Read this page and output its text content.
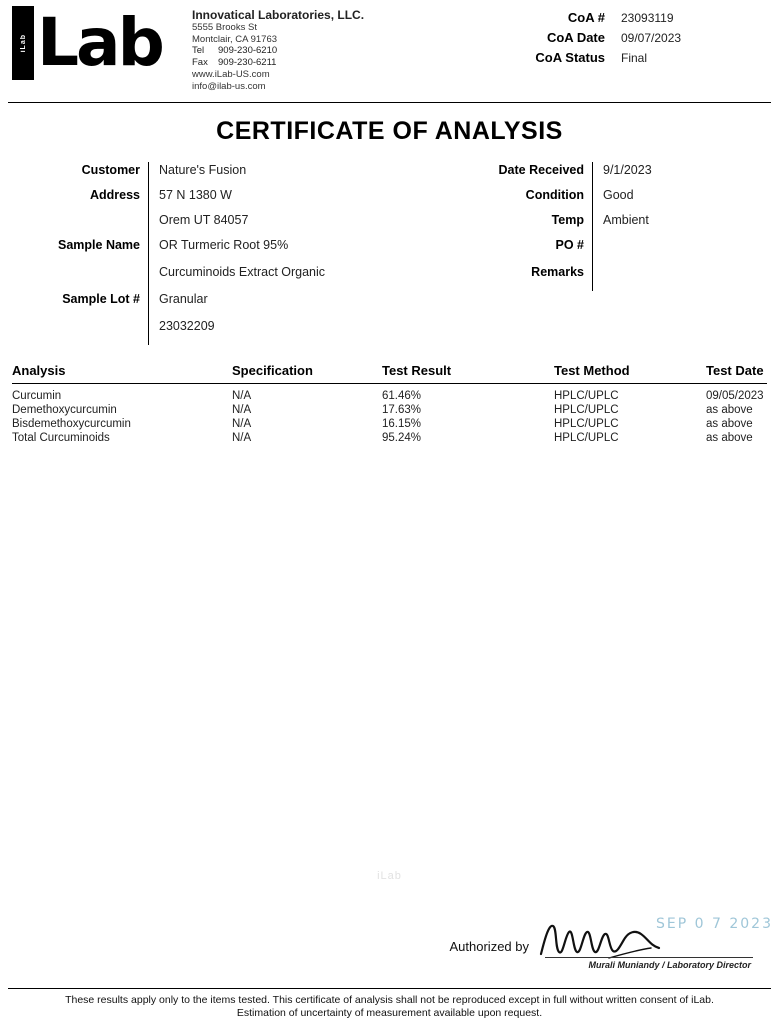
iLab Lab	Innovatical Laboratories, LLC.
5555 Brooks St
Montclair, CA 91763
Tel	909-230-6210
Fax	909-230-6211
www.iLab-US.com
info@ilab-us.com
CoA #	23093119
CoA Date	09/07/2023
CoA Status	Final
CERTIFICATE OF ANALYSIS
Customer	Nature's Fusion
Address	57 N 1380 W
Orem UT 84057
Sample Name	OR Turmeric Root 95%
Curcuminoids Extract Organic
Sample Lot #	Granular
23032209
Date Received	9/1/2023
Condition	Good
Temp	Ambient
PO #
Remarks
Analysis	Specification	Test Result	Test Method	Test Date
Curcumin	N/A	61.46%	HPLC/UPLC	09/05/2023
Demethoxycurcumin	N/A	17.63%	HPLC/UPLC	as above
Bisdemethoxycurcumin	N/A	16.15%	HPLC/UPLC	as above
Total Curcuminoids	N/A	95.24%	HPLC/UPLC	as above
iLab
Authorized by
Murali Muniandy / Laboratory Director
SEP 0 7 2023
These results apply only to the items tested. This certificate of analysis shall not be reproduced except in full without written consent of iLab.
Estimation of uncertainty of measurement available upon request.
